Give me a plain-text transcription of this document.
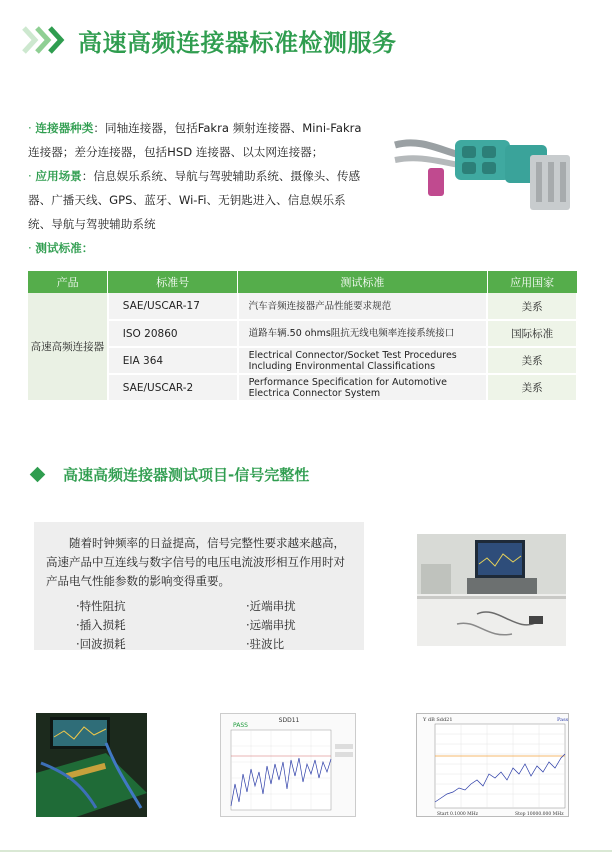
高速高频连接器标准检测服务
· 连接器种类：同轴连接器，包括Fakra 频射连接器、Mini-Fakra 连接器；差分连接器，包括HSD 连接器、以太网连接器；
· 应用场景：信息娱乐系统、导航与驾驶辅助系统、摄像头、传感器、广播天线、GPS、蓝牙、Wi-Fi、无钥匙进入、信息娱乐系统、导航与驾驶辅助系统
· 测试标准：
产品	标准号	测试标准	应用国家
高速高频连接器	SAE/USCAR-17	汽车音频连接器产品性能要求规范	美系
	ISO 20860	道路车辆.50 ohms阻抗无线电频率连接系统接口	国际标准
	EIA 364	Electrical Connector/Socket Test Procedures Including Environmental Classifications	美系
	SAE/USCAR-2	Performance Specification for Automotive Electrica Connector System	美系
高速高频连接器测试项目-信号完整性

随着时钟频率的日益提高，信号完整性要求越来越高，高速产品中互连线与数字信号的电压电流波形相互作用时对产品电气性能参数的影响变得重要。

·特性阻抗	·近端串扰
·插入损耗	·远端串扰
·回波损耗	·驻波比
SDD11
PASS
Y dB Sdd21	Pass
Start 0.1000 MHz	Stop 10000.000 MHz
